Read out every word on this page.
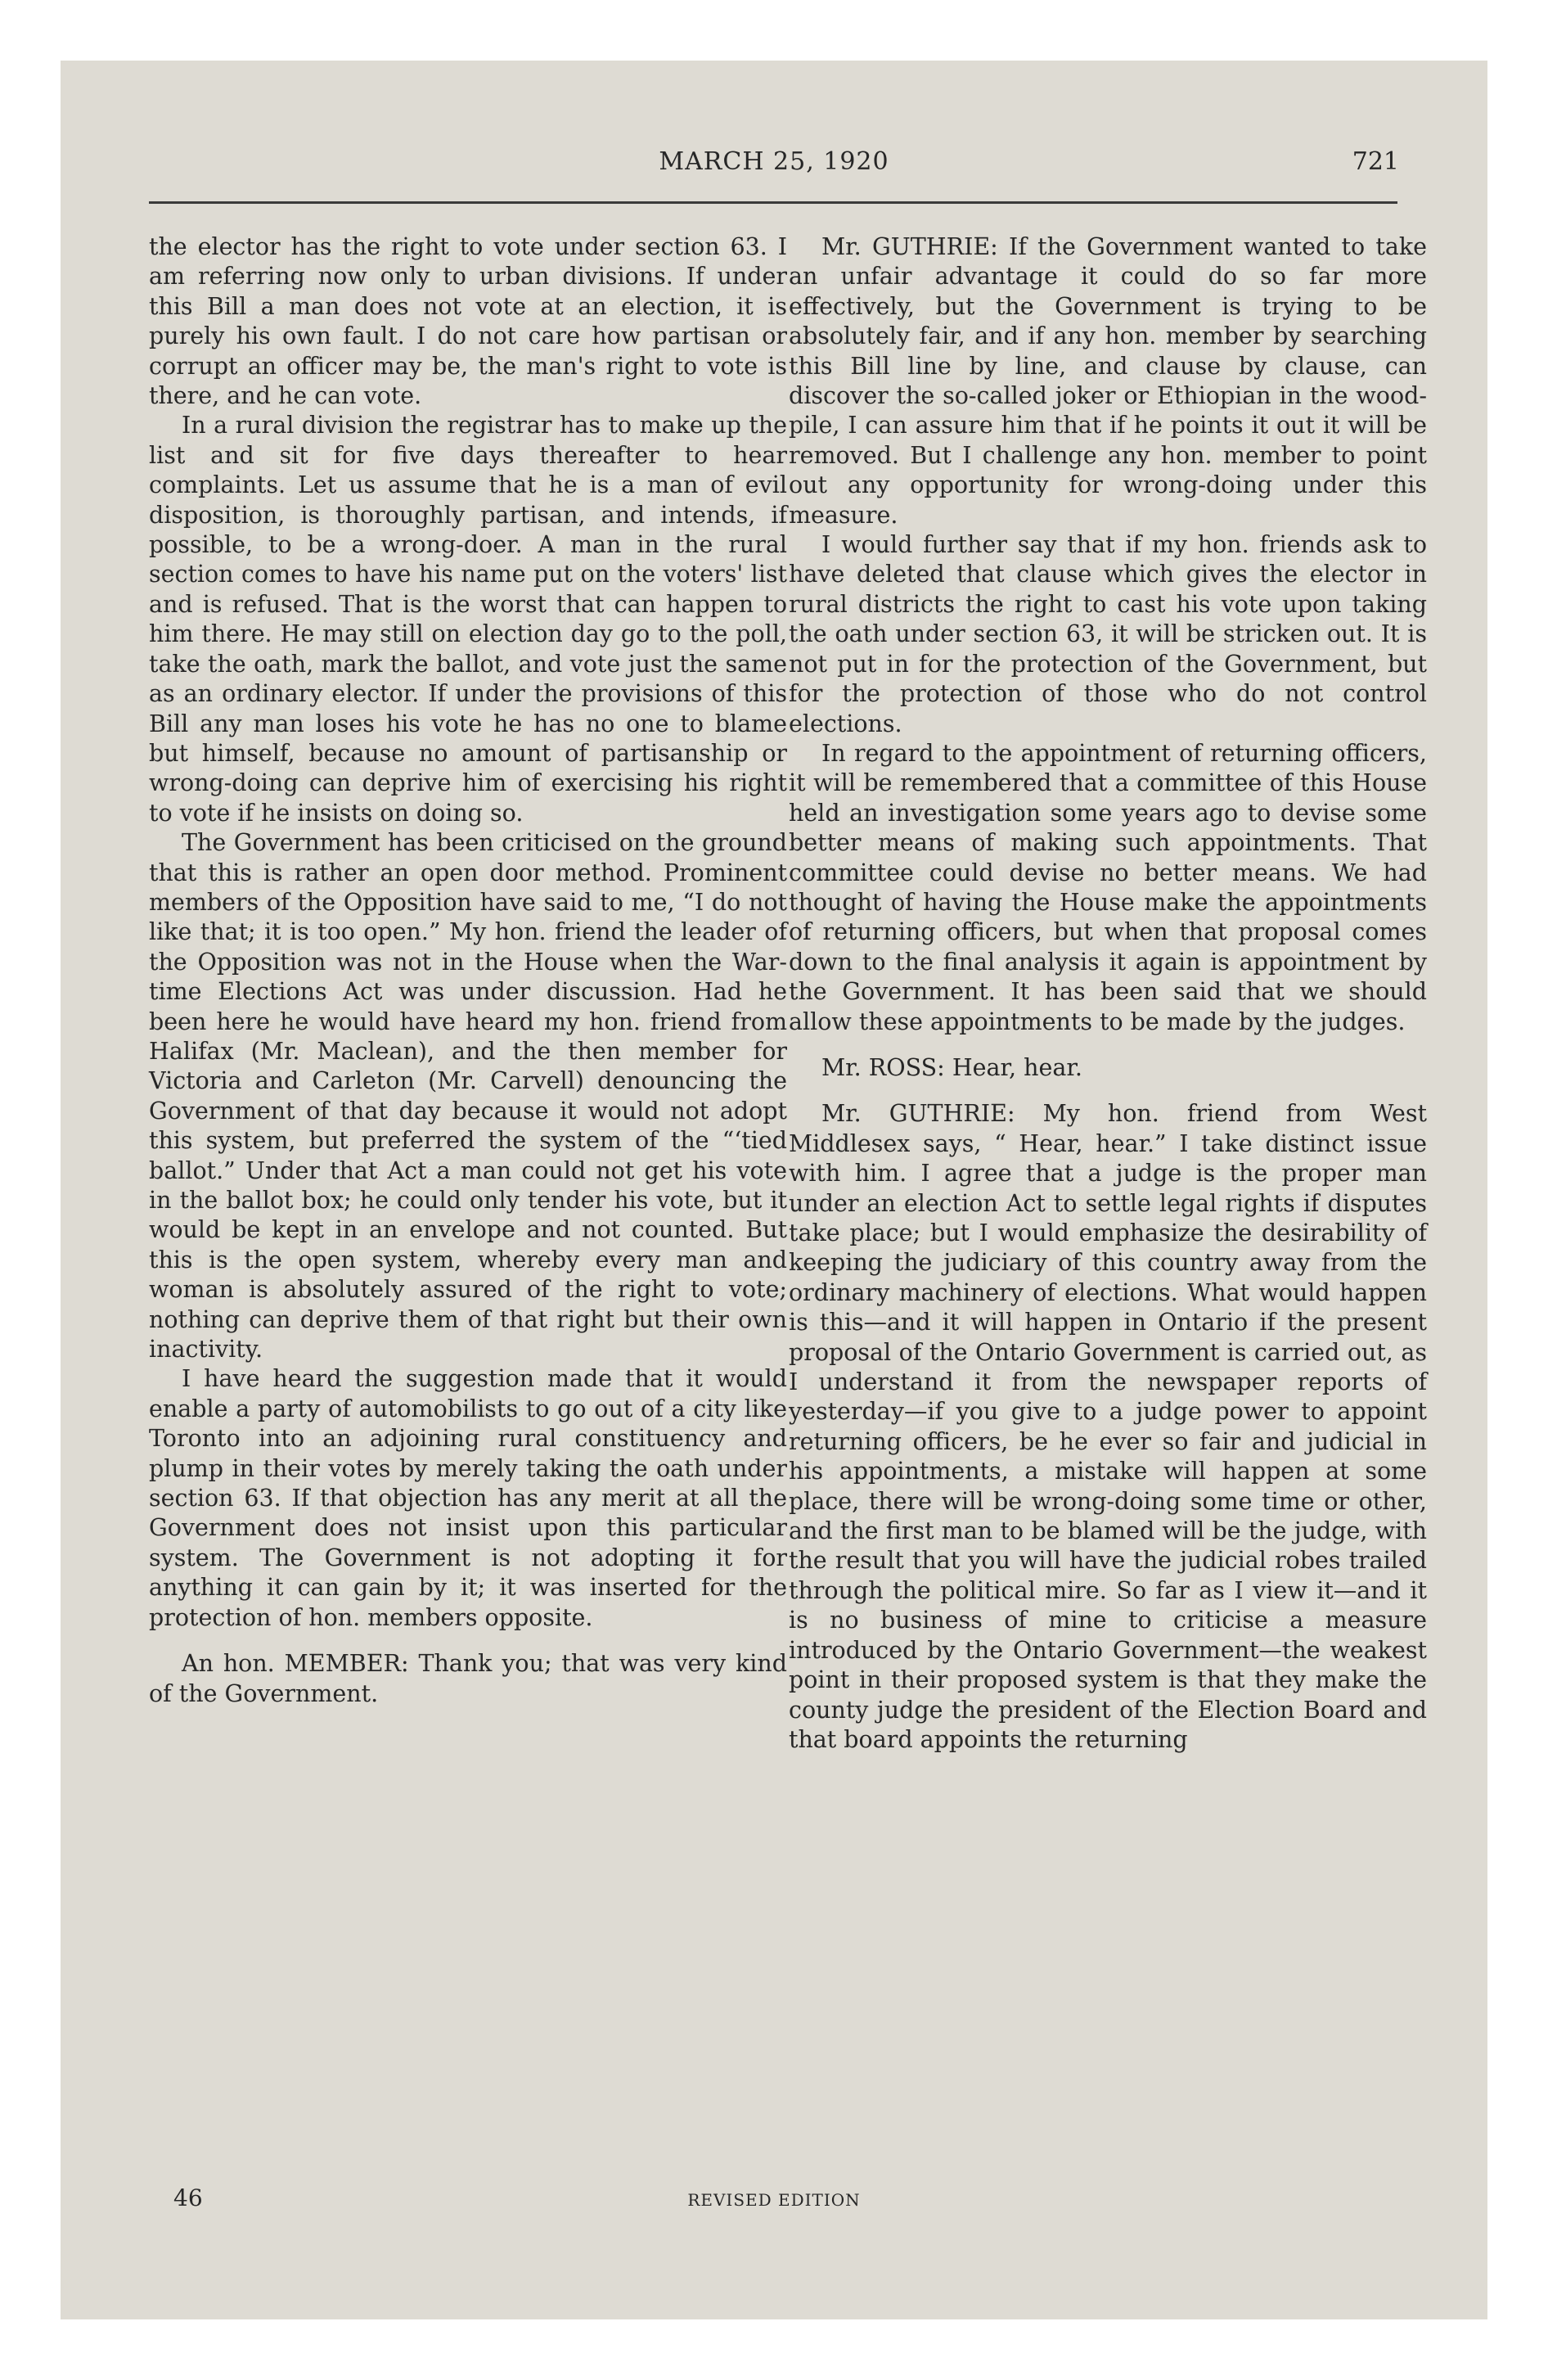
MARCH 25, 1920	721

the elector has the right to vote under section 63. I am referring now only to urban divisions. If under this Bill a man does not vote at an election, it is purely his own fault. I do not care how partisan or corrupt an officer may be, the man's right to vote is there, and he can vote.

In a rural division the registrar has to make up the list and sit for five days thereafter to hear complaints. Let us assume that he is a man of evil disposition, is thoroughly partisan, and intends, if possible, to be a wrong-doer. A man in the rural section comes to have his name put on the voters' list and is refused. That is the worst that can happen to him there. He may still on election day go to the poll, take the oath, mark the ballot, and vote just the same as an ordinary elector. If under the provisions of this Bill any man loses his vote he has no one to blame but himself, because no amount of partisanship or wrong-doing can deprive him of exercising his right to vote if he insists on doing so.

The Government has been criticised on the ground that this is rather an open door method. Prominent members of the Opposition have said to me, “I do not like that; it is too open.” My hon. friend the leader of the Opposition was not in the House when the War-time Elections Act was under discussion. Had he been here he would have heard my hon. friend from Halifax (Mr. Maclean), and the then member for Victoria and Carleton (Mr. Carvell) denouncing the Government of that day because it would not adopt this system, but preferred the system of the “‘tied ballot.” Under that Act a man could not get his vote in the ballot box; he could only tender his vote, but it would be kept in an envelope and not counted. But this is the open system, whereby every man and woman is absolutely assured of the right to vote; nothing can deprive them of that right but their own inactivity.

I have heard the suggestion made that it would enable a party of automobilists to go out of a city like Toronto into an adjoining rural constituency and plump in their votes by merely taking the oath under section 63. If that objection has any merit at all the Government does not insist upon this particular system. The Government is not adopting it for anything it can gain by it; it was inserted for the protection of hon. members opposite.

An hon. MEMBER: Thank you; that was very kind of the Government.

Mr. GUTHRIE: If the Government wanted to take an unfair advantage it could do so far more effectively, but the Government is trying to be absolutely fair, and if any hon. member by searching this Bill line by line, and clause by clause, can discover the so-called joker or Ethiopian in the wood-pile, I can assure him that if he points it out it will be removed. But I challenge any hon. member to point out any opportunity for wrong-doing under this measure.

I would further say that if my hon. friends ask to have deleted that clause which gives the elector in rural districts the right to cast his vote upon taking the oath under section 63, it will be stricken out. It is not put in for the protection of the Government, but for the protection of those who do not control elections.

In regard to the appointment of returning officers, it will be remembered that a committee of this House held an investigation some years ago to devise some better means of making such appointments. That committee could devise no better means. We had thought of having the House make the appointments of returning officers, but when that proposal comes down to the final analysis it again is appointment by the Government. It has been said that we should allow these appointments to be made by the judges.

Mr. ROSS: Hear, hear.

Mr. GUTHRIE: My hon. friend from West Middlesex says, “ Hear, hear.” I take distinct issue with him. I agree that a judge is the proper man under an election Act to settle legal rights if disputes take place; but I would emphasize the desirability of keeping the judiciary of this country away from the ordinary machinery of elections. What would happen is this—and it will happen in Ontario if the present proposal of the Ontario Government is carried out, as I understand it from the newspaper reports of yesterday—if you give to a judge power to appoint returning officers, be he ever so fair and judicial in his appointments, a mistake will happen at some place, there will be wrong-doing some time or other, and the first man to be blamed will be the judge, with the result that you will have the judicial robes trailed through the political mire. So far as I view it—and it is no business of mine to criticise a measure introduced by the Ontario Government—the weakest point in their proposed system is that they make the county judge the president of the Election Board and that board appoints the returning

46	REVISED EDITION
